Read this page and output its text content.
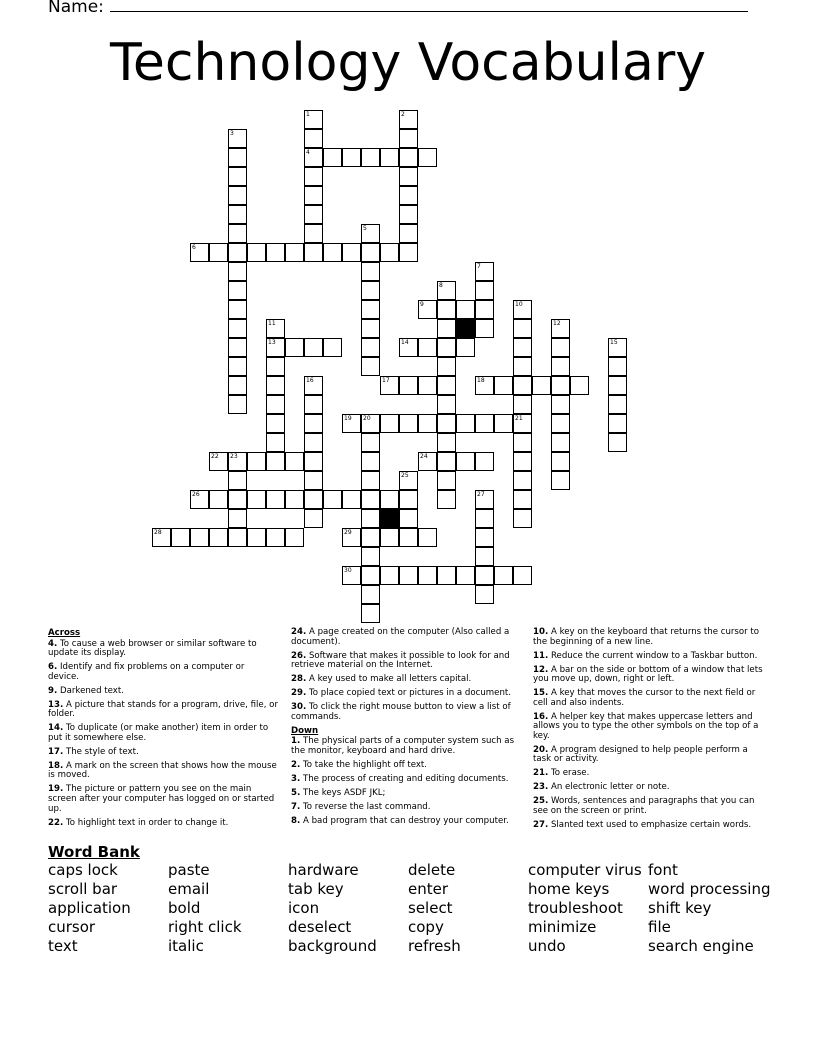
Name:
Technology Vocabulary
1
4
2
3
5
6
7
8
9	10
21
11
13
12
14	15
16	17	18
19 20
22 23	24
25
26	27
28	29
30
Across
4. To cause a web browser or similar software to update its display.
6. Identify and fix problems on a computer or device.
9. Darkened text.
13. A picture that stands for a program, drive, file, or folder.
14. To duplicate (or make another) item in order to put it somewhere else.
17. The style of text.
18. A mark on the screen that shows how the mouse is moved.
19. The picture or pattern you see on the main screen after your computer has logged on or started up.
22. To highlight text in order to change it.
24. A page created on the computer (Also called a document).
26. Software that makes it possible to look for and retrieve material on the Internet.
28. A key used to make all letters capital.
29. To place copied text or pictures in a document.
30. To click the right mouse button to view a list of commands.
Down
1. The physical parts of a computer system such as the monitor, keyboard and hard drive.
2. To take the highlight off text.
3. The process of creating and editing documents.
5. The keys ASDF JKL;
7. To reverse the last command.
8. A bad program that can destroy your computer.
10. A key on the keyboard that returns the cursor to the beginning of a new line.
11. Reduce the current window to a Taskbar button.
12. A bar on the side or bottom of a window that lets you move up, down, right or left.
15. A key that moves the cursor to the next field or cell and also indents.
16. A helper key that makes uppercase letters and allows you to type the other symbols on the top of a key.
20. A program designed to help people perform a task or activity.
21. To erase.
23. An electronic letter or note.
25. Words, sentences and paragraphs that you can see on the screen or print.
27. Slanted text used to emphasize certain words.
Word Bank
caps lock
scroll bar
application
cursor
text
paste
email
bold
right click
italic
hardware
tab key
icon
deselect
background
delete
enter
select
copy
refresh
computer virus
home keys
troubleshoot
minimize
undo
font
word processing
shift key
file
search engine
